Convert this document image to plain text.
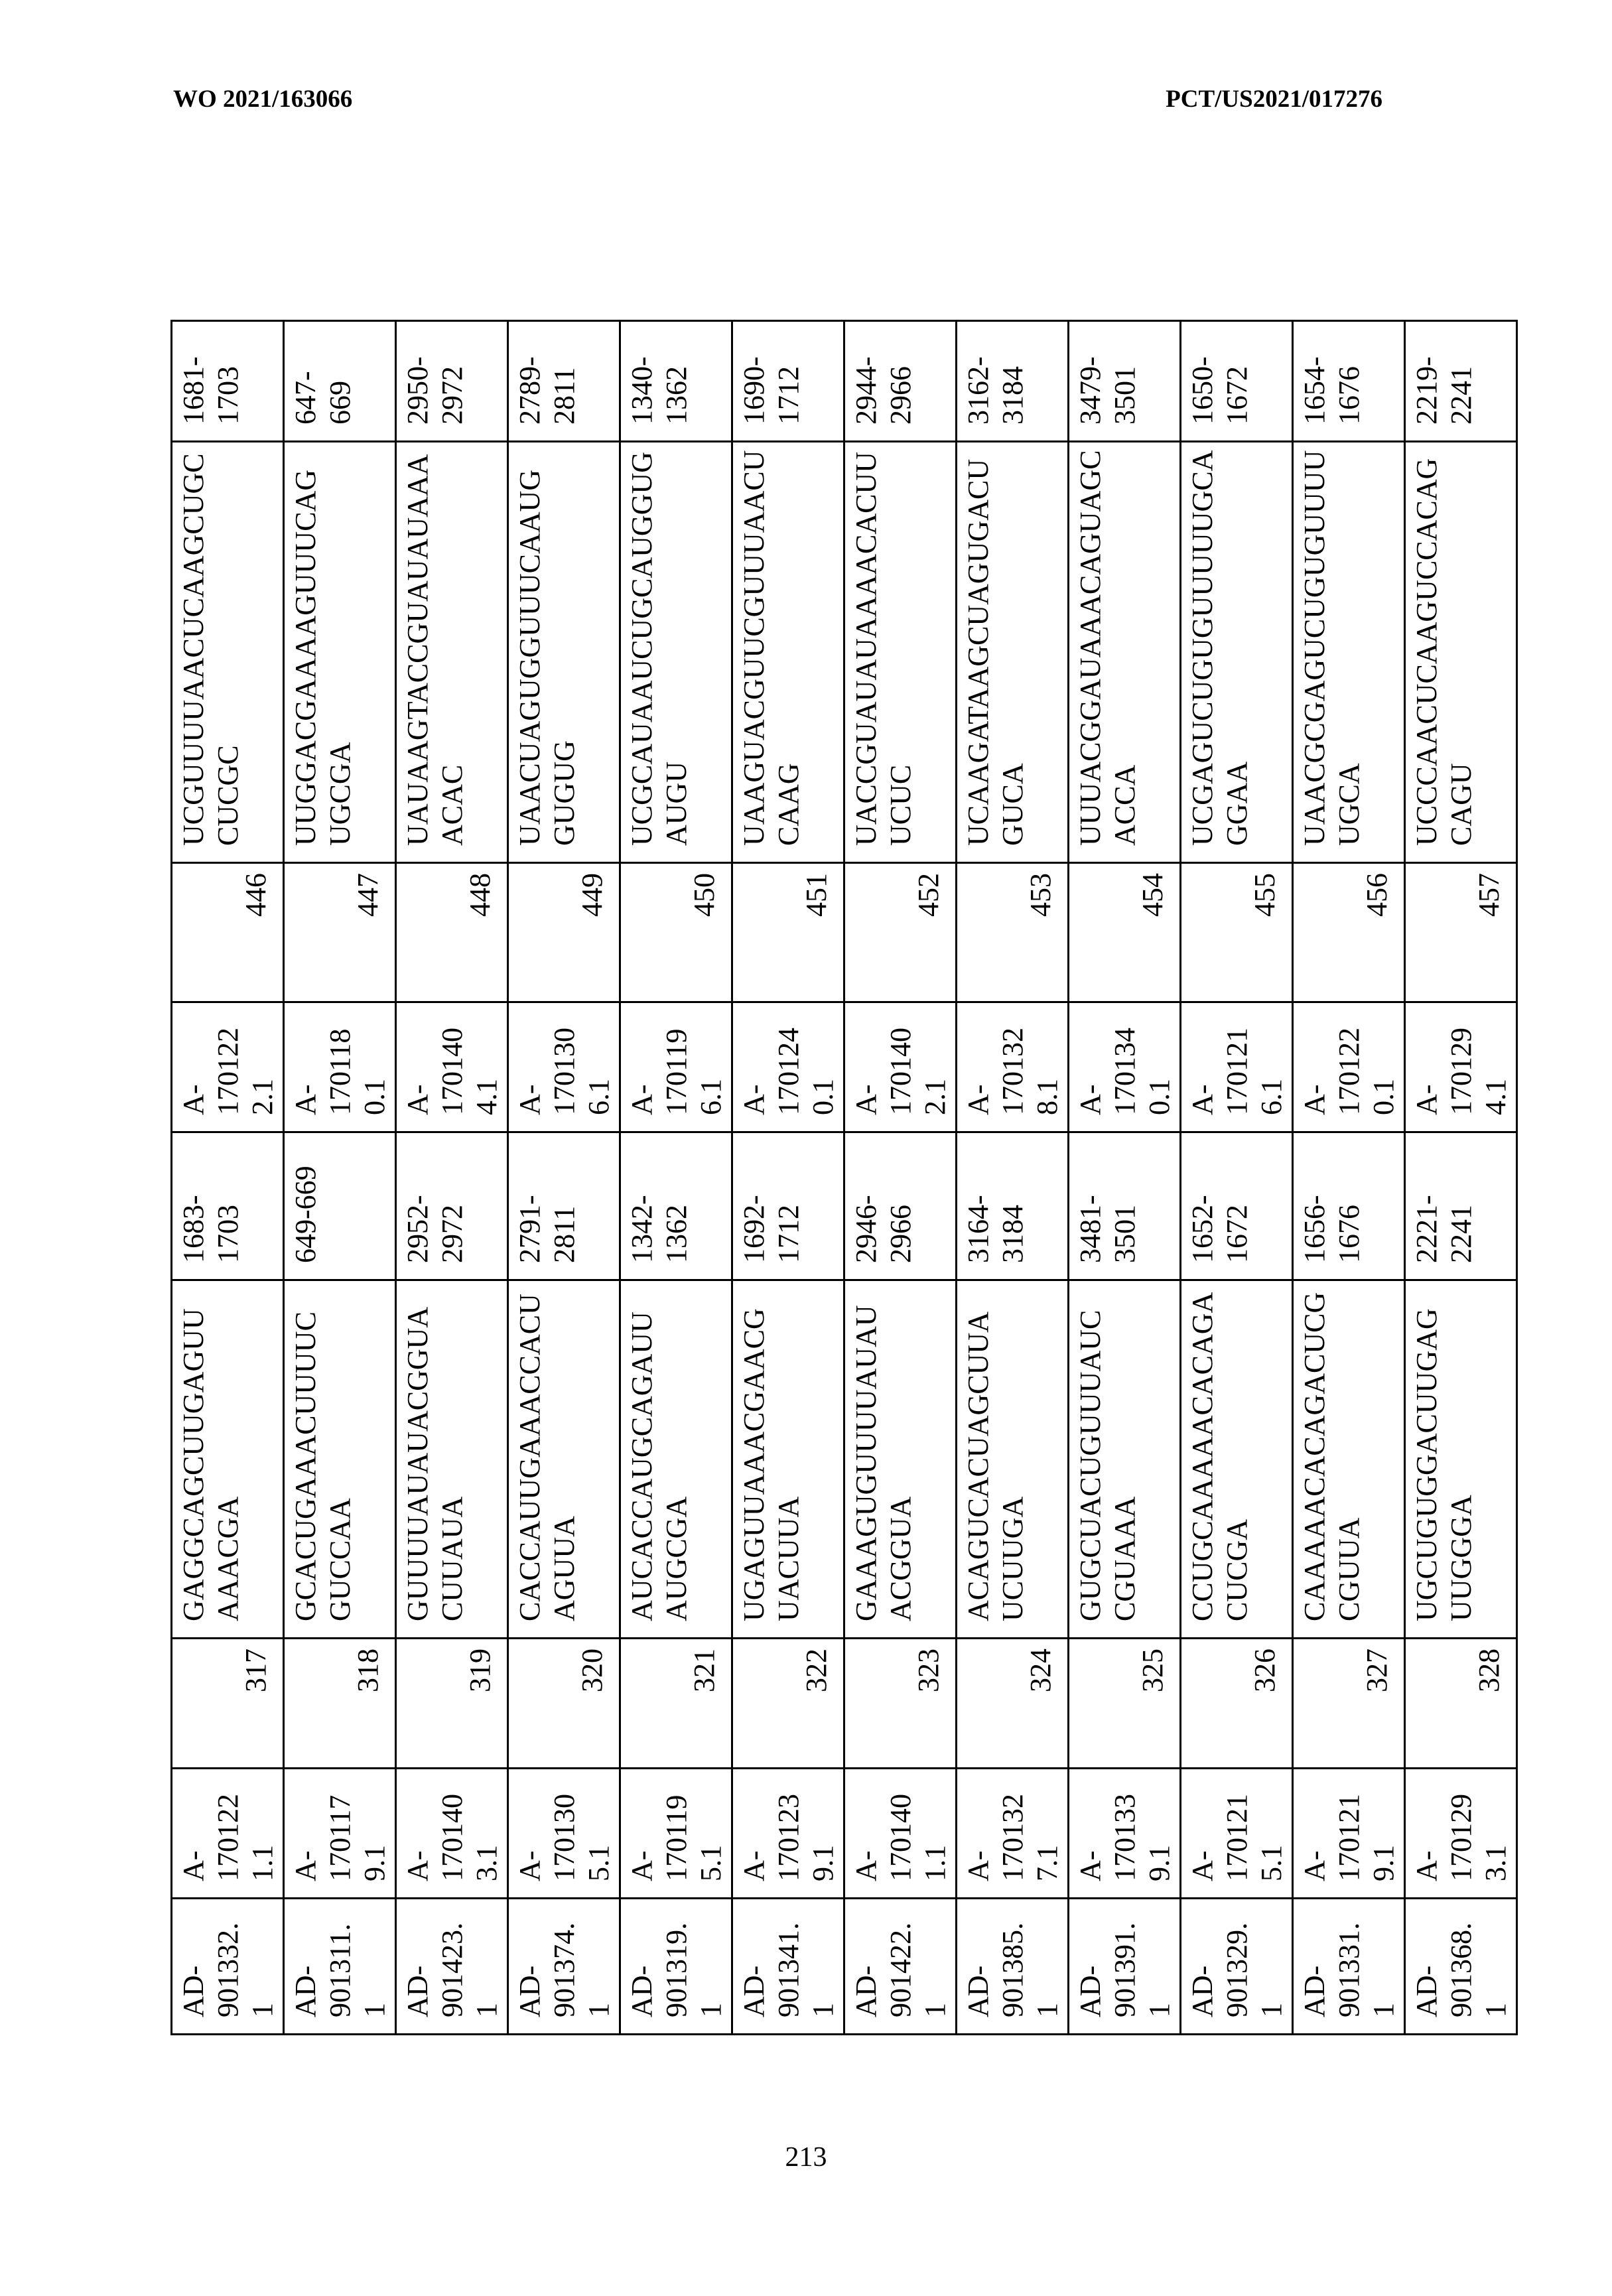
WO 2021/163066	PCT/US2021/017276
AD-901332.1	A-1701221.1	317	GAGGCAGCUUGAGUUAAACGA	1683-1703	A-1701222.1	446	UCGUUUUAACUCAAGCUGCCUCGC	1681-1703
AD-901311.1	A-1701179.1	318	GCACUGAAACUUUUCGUCCAA	649-669	A-1701180.1	447	UUGGACGAAAAGUUUCAGUGCGA	647-669
AD-901423.1	A-1701403.1	319	GUUUUAUAUACGGUACUUAUA	2952-2972	A-1701404.1	448	UAUAAGTACCGUAUAUAAAACAC	2950-2972
AD-901374.1	A-1701305.1	320	CACCAUUGAAACCACUAGUUA	2791-2811	A-1701306.1	449	UAACUAGUGGUUUCAAUGGUGUG	2789-2811
AD-901319.1	A-1701195.1	321	AUCACCAUGCAGAUUAUGCGA	1342-1362	A-1701196.1	450	UCGCAUAAUCUGCAUGGUGAUGU	1340-1362
AD-901341.1	A-1701239.1	322	UGAGUUAAACGAACGUACUUA	1692-1712	A-1701240.1	451	UAAGUACGUUCGUUUAACUCAAG	1690-1712
AD-901422.1	A-1701401.1	323	GAAAGUGUUUUAUAUACGGUA	2946-2966	A-1701402.1	452	UACCGUAUAUAAAACACUUUCUC	2944-2966
AD-901385.1	A-1701327.1	324	ACAGUCACUAGCUUAUCUUGA	3164-3184	A-1701328.1	453	UCAAGATAAGCUAGUGACUGUCA	3162-3184
AD-901391.1	A-1701339.1	325	GUGCUACUGUUUAUCCGUAAA	3481-3501	A-1701340.1	454	UUUACGGAUAAACAGUAGCACCA	3479-3501
AD-901329.1	A-1701215.1	326	CCUGCAAAAACACAGACUCGA	1652-1672	A-1701216.1	455	UCGAGUCUGUGUUUUUGCAGGAA	1650-1672
AD-901331.1	A-1701219.1	327	CAAAAACACAGACUCGCGUUA	1656-1676	A-1701220.1	456	UAACGCGAGUCUGUGUUUUUGCA	1654-1676
AD-901368.1	A-1701293.1	328	UGCUGUGGACUUGAGUUGGGA	2221-2241	A-1701294.1	457	UCCCAACUCAAGUCCACAGCAGU	2219-2241
213
